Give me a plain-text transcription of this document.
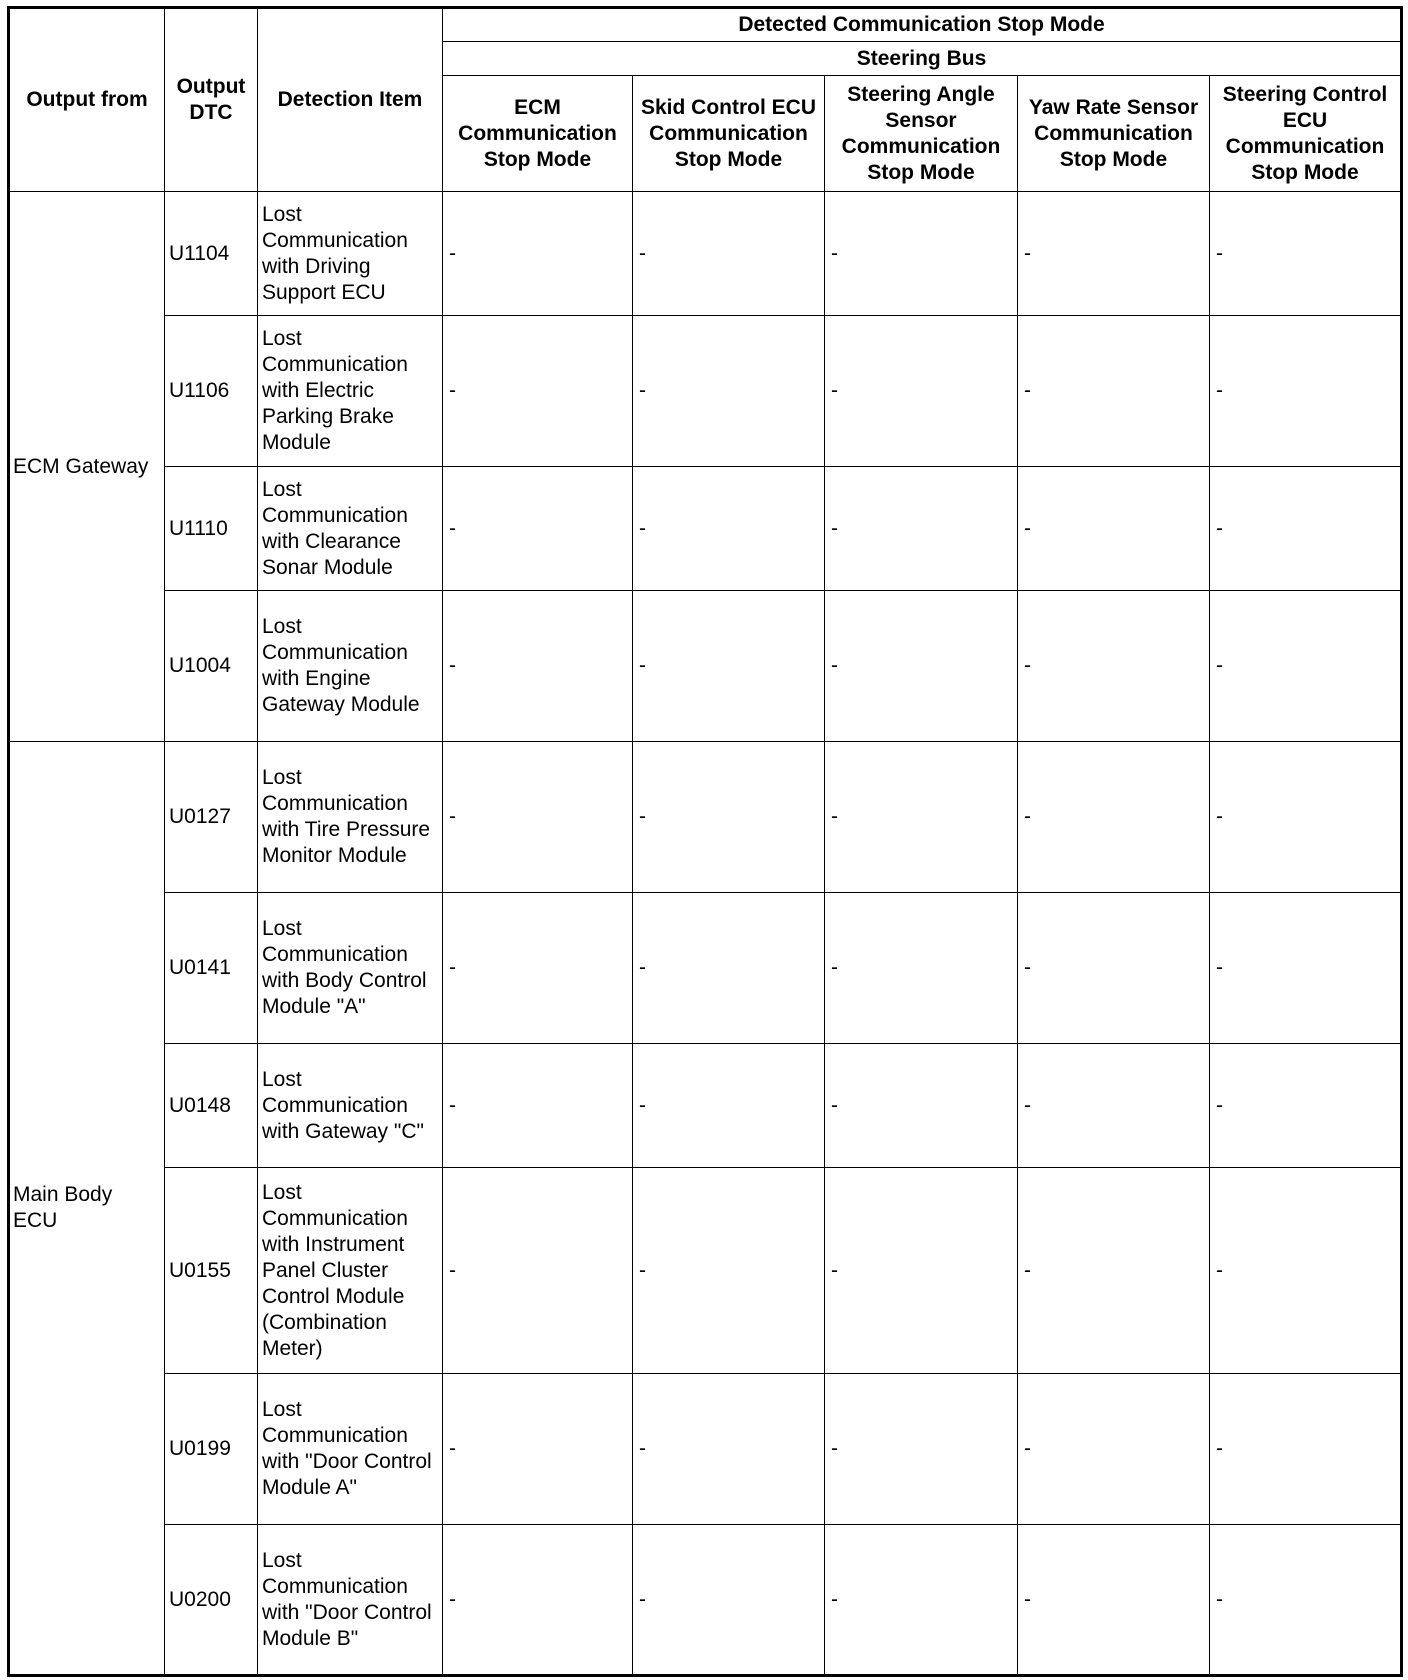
Output from	Output DTC	Detection Item	Detected Communication Stop Mode				
			Steering Bus				
			ECM Communication Stop Mode	Skid Control ECU Communication Stop Mode	Steering Angle Sensor Communication Stop Mode	Yaw Rate Sensor Communication Stop Mode	Steering Control ECU Communication Stop Mode
ECM Gateway	U1104	Lost Communication with Driving Support ECU	-	-	-	-	-
	U1106	Lost Communication with Electric Parking Brake Module	-	-	-	-	-
	U1110	Lost Communication with Clearance Sonar Module	-	-	-	-	-
	U1004	Lost Communication with Engine Gateway Module	-	-	-	-	-
Main Body ECU	U0127	Lost Communication with Tire Pressure Monitor Module	-	-	-	-	-
	U0141	Lost Communication with Body Control Module "A"	-	-	-	-	-
	U0148	Lost Communication with Gateway "C"	-	-	-	-	-
	U0155	Lost Communication with Instrument Panel Cluster Control Module (Combination Meter)	-	-	-	-	-
	U0199	Lost Communication with "Door Control Module A"	-	-	-	-	-
	U0200	Lost Communication with "Door Control Module B"	-	-	-	-	-
